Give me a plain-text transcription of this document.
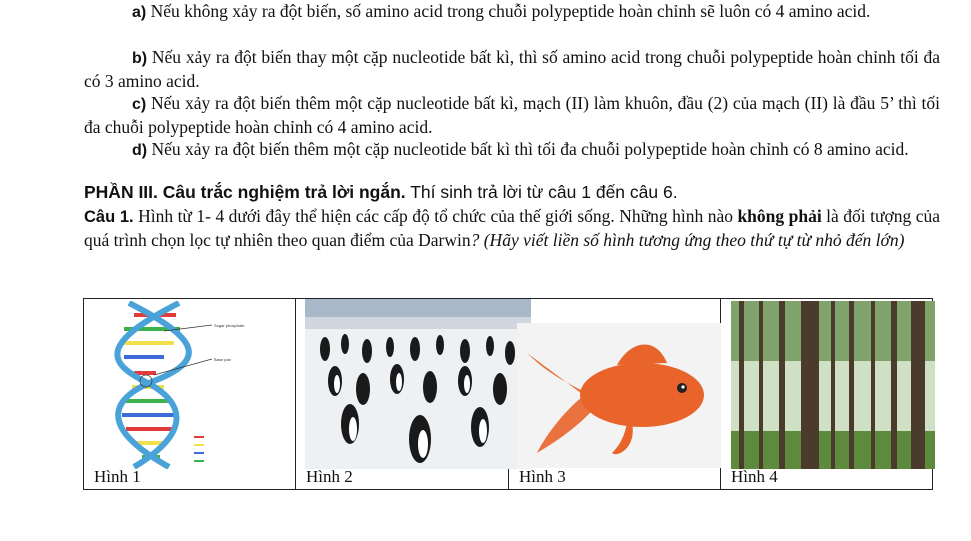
a) Nếu không xảy ra đột biến, số amino acid trong chuỗi polypeptide hoàn chỉnh sẽ luôn có 4 amino acid.

b) Nếu xảy ra đột biến thay một cặp nucleotide bất kì, thì số amino acid trong chuỗi polypeptide hoàn chỉnh tối đa có 3 amino acid.

c) Nếu xảy ra đột biến thêm một cặp nucleotide bất kì, mạch (II) làm khuôn, đầu (2) của mạch (II) là đầu 5’ thì tối đa chuỗi polypeptide hoàn chỉnh có 4 amino acid.

d) Nếu xảy ra đột biến thêm một cặp nucleotide bất kì thì tối đa chuỗi polypeptide hoàn chỉnh có 8 amino acid.

PHẦN III. Câu trắc nghiệm trả lời ngắn. Thí sinh trả lời từ câu 1 đến câu 6.

Câu 1. Hình từ 1- 4 dưới đây thể hiện các cấp độ tổ chức của thế giới sống. Những hình nào không phải là đối tượng của quá trình chọn lọc tự nhiên theo quan điểm của Darwin? (Hãy viết liền số hình tương ứng theo thứ tự từ nhỏ đến lớn)

Sugar phosphate
Base pair
Hình 1	Hình 2	Hình 3	Hình 4
